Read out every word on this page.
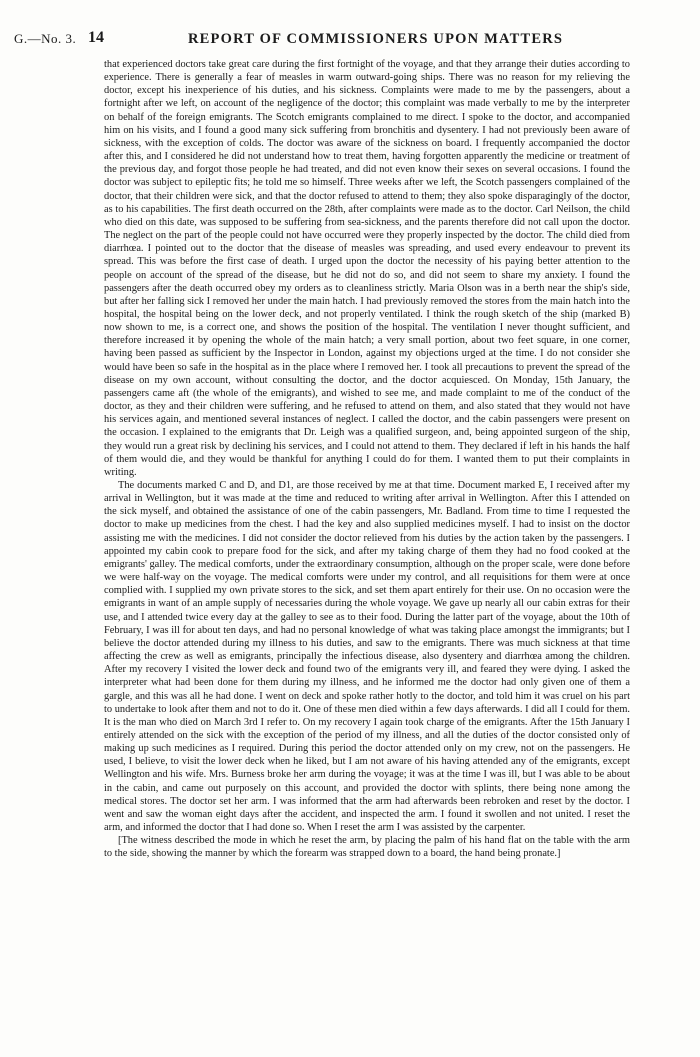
G.—No. 3. 14	REPORT OF COMMISSIONERS UPON MATTERS

that experienced doctors take great care during the first fortnight of the voyage, and that they arrange their duties according to experience. There is generally a fear of measles in warm outward-going ships. There was no reason for my relieving the doctor, except his inexperience of his duties, and his sickness. Complaints were made to me by the passengers, about a fortnight after we left, on account of the negligence of the doctor; this complaint was made verbally to me by the interpreter on behalf of the foreign emigrants. The Scotch emigrants complained to me direct. I spoke to the doctor, and accompanied him on his visits, and I found a good many sick suffering from bronchitis and dysentery. I had not previously been aware of sickness, with the exception of colds. The doctor was aware of the sickness on board. I frequently accompanied the doctor after this, and I considered he did not understand how to treat them, having forgotten apparently the medicine or treatment of the previous day, and forgot those people he had treated, and did not even know their sexes on several occasions. I found the doctor was subject to epileptic fits; he told me so himself. Three weeks after we left, the Scotch passengers complained of the doctor, that their children were sick, and that the doctor refused to attend to them; they also spoke disparagingly of the doctor, as to his capabilities. The first death occurred on the 28th, after complaints were made as to the doctor. Carl Neilson, the child who died on this date, was supposed to be suffering from sea-sickness, and the parents therefore did not call upon the doctor. The neglect on the part of the people could not have occurred were they properly inspected by the doctor. The child died from diarrhœa. I pointed out to the doctor that the disease of measles was spreading, and used every endeavour to prevent its spread. This was before the first case of death. I urged upon the doctor the necessity of his paying better attention to the people on account of the spread of the disease, but he did not do so, and did not seem to share my anxiety. I found the passengers after the death occurred obey my orders as to cleanliness strictly. Maria Olson was in a berth near the ship's side, but after her falling sick I removed her under the main hatch. I had previously removed the stores from the main hatch into the hospital, the hospital being on the lower deck, and not properly ventilated. I think the rough sketch of the ship (marked B) now shown to me, is a correct one, and shows the position of the hospital. The ventilation I never thought sufficient, and therefore increased it by opening the whole of the main hatch; a very small portion, about two feet square, in one corner, having been passed as sufficient by the Inspector in London, against my objections urged at the time. I do not consider she would have been so safe in the hospital as in the place where I removed her. I took all precautions to prevent the spread of the disease on my own account, without consulting the doctor, and the doctor acquiesced. On Monday, 15th January, the passengers came aft (the whole of the emigrants), and wished to see me, and made complaint to me of the conduct of the doctor, as they and their children were suffering, and he refused to attend on them, and also stated that they would not have his services again, and mentioned several instances of neglect. I called the doctor, and the cabin passengers were present on the occasion. I explained to the emigrants that Dr. Leigh was a qualified surgeon, and, being appointed surgeon of the ship, they would run a great risk by declining his services, and I could not attend to them. They declared if left in his hands the half of them would die, and they would be thankful for anything I could do for them. I wanted them to put their complaints in writing.

The documents marked C and D, and D1, are those received by me at that time. Document marked E, I received after my arrival in Wellington, but it was made at the time and reduced to writing after arrival in Wellington. After this I attended on the sick myself, and obtained the assistance of one of the cabin passengers, Mr. Badland. From time to time I requested the doctor to make up medicines from the chest. I had the key and also supplied medicines myself. I had to insist on the doctor assisting me with the medicines. I did not consider the doctor relieved from his duties by the action taken by the passengers. I appointed my cabin cook to prepare food for the sick, and after my taking charge of them they had no food cooked at the emigrants' galley. The medical comforts, under the extraordinary consumption, although on the proper scale, were done before we were half-way on the voyage. The medical comforts were under my control, and all requisitions for them were at once complied with. I supplied my own private stores to the sick, and set them apart entirely for their use. On no occasion were the emigrants in want of an ample supply of necessaries during the whole voyage. We gave up nearly all our cabin extras for their use, and I attended twice every day at the galley to see as to their food. During the latter part of the voyage, about the 10th of February, I was ill for about ten days, and had no personal knowledge of what was taking place amongst the immigrants; but I believe the doctor attended during my illness to his duties, and saw to the emigrants. There was much sickness at that time affecting the crew as well as emigrants, principally the infectious disease, also dysentery and diarrhœa among the children. After my recovery I visited the lower deck and found two of the emigrants very ill, and feared they were dying. I asked the interpreter what had been done for them during my illness, and he informed me the doctor had only given one of them a gargle, and this was all he had done. I went on deck and spoke rather hotly to the doctor, and told him it was cruel on his part to undertake to look after them and not to do it. One of these men died within a few days afterwards. I did all I could for them. It is the man who died on March 3rd I refer to. On my recovery I again took charge of the emigrants. After the 15th January I entirely attended on the sick with the exception of the period of my illness, and all the duties of the doctor consisted only of making up such medicines as I required. During this period the doctor attended only on my crew, not on the passengers. He used, I believe, to visit the lower deck when he liked, but I am not aware of his having attended any of the emigrants, except Wellington and his wife. Mrs. Burness broke her arm during the voyage; it was at the time I was ill, but I was able to be about in the cabin, and came out purposely on this account, and provided the doctor with splints, there being none among the medical stores. The doctor set her arm. I was informed that the arm had afterwards been rebroken and reset by the doctor. I went and saw the woman eight days after the accident, and inspected the arm. I found it swollen and not united. I reset the arm, and informed the doctor that I had done so. When I reset the arm I was assisted by the carpenter.

[The witness described the mode in which he reset the arm, by placing the palm of his hand flat on the table with the arm to the side, showing the manner by which the forearm was strapped down to a board, the hand being pronate.]
